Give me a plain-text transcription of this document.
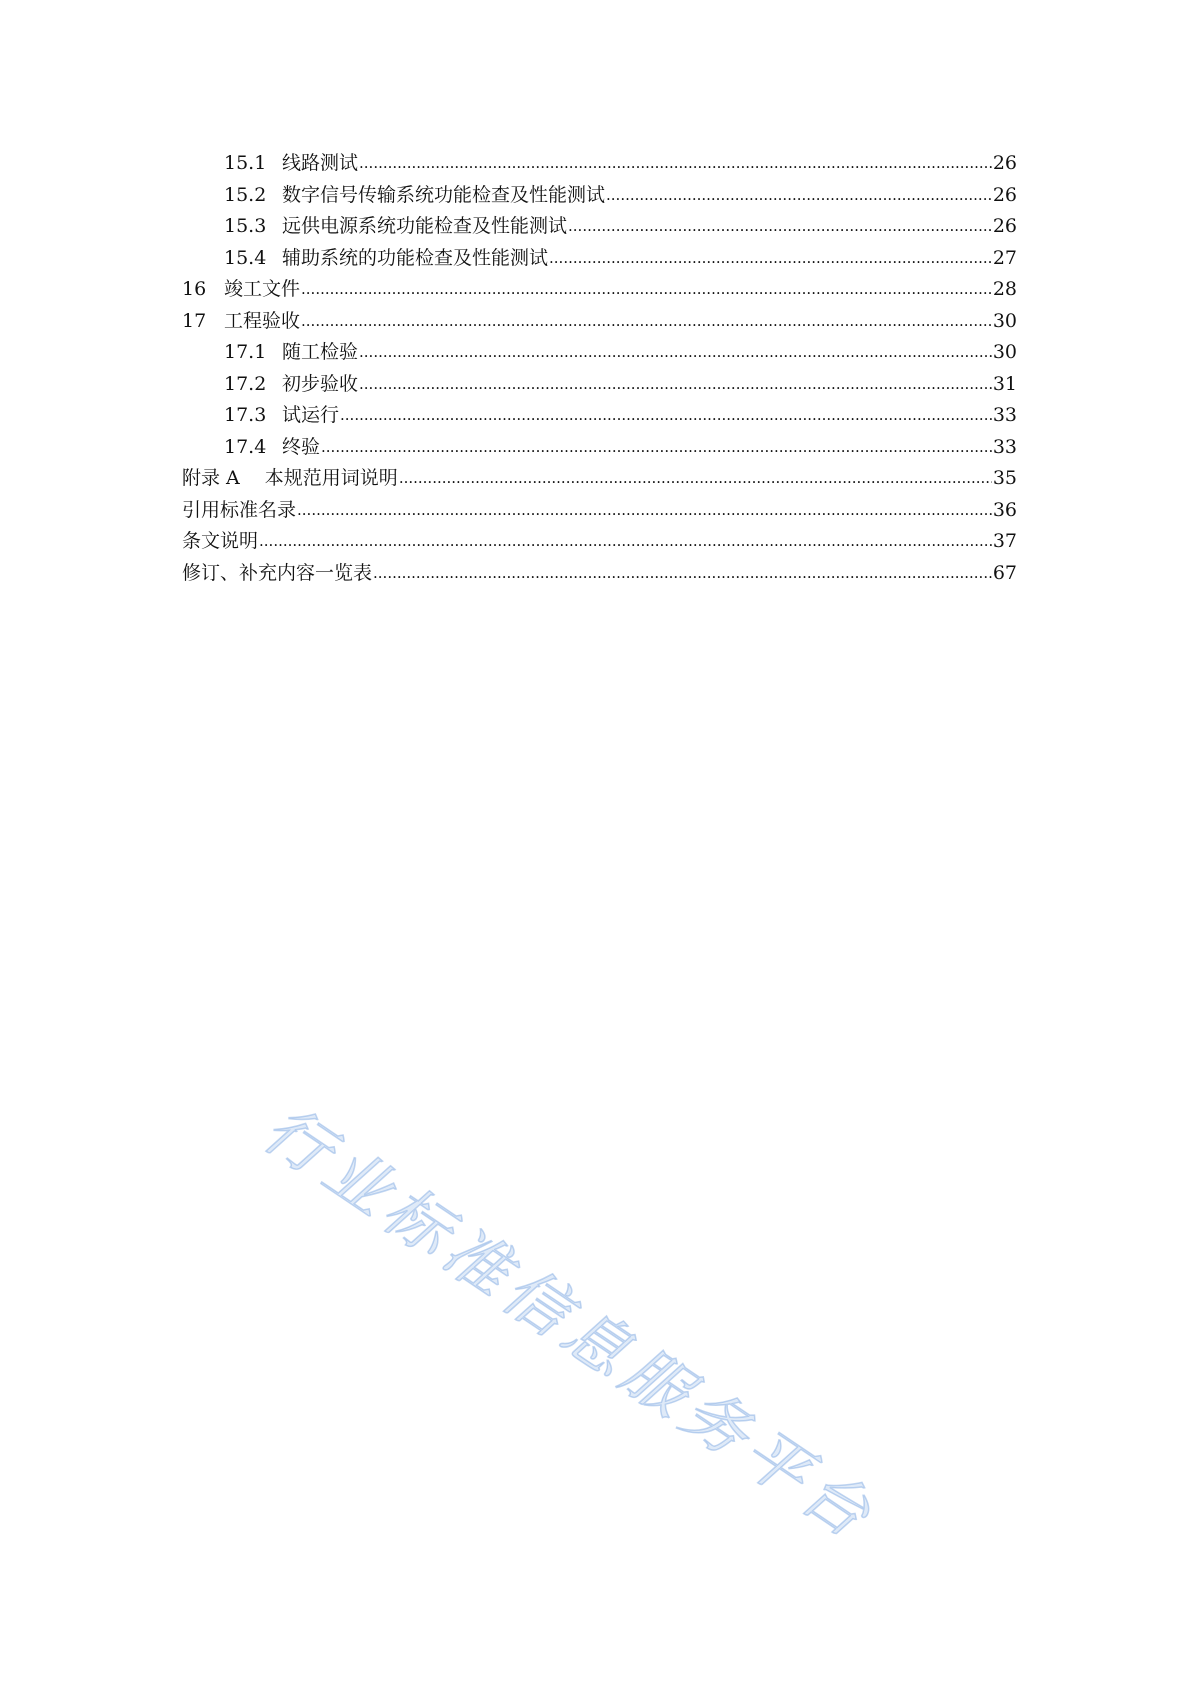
15.1 线路测试 .....	26
15.2 数字信号传输系统功能检查及性能测试 .....	26
15.3 远供电源系统功能检查及性能测试 .....	26
15.4 辅助系统的功能检查及性能测试 .....	27
16 竣工文件 .....	28
17 工程验收 .....	30
17.1 随工检验 .....	30
17.2 初步验收 .....	31
17.3 试运行 .....	33
17.4 终验 .....	33
附录 A　 本规范用词说明 .....	35
引用标准名录 .....	36
条文说明 .....	37
修订、补充内容一览表 .....	67
行业标准信息服务平台
